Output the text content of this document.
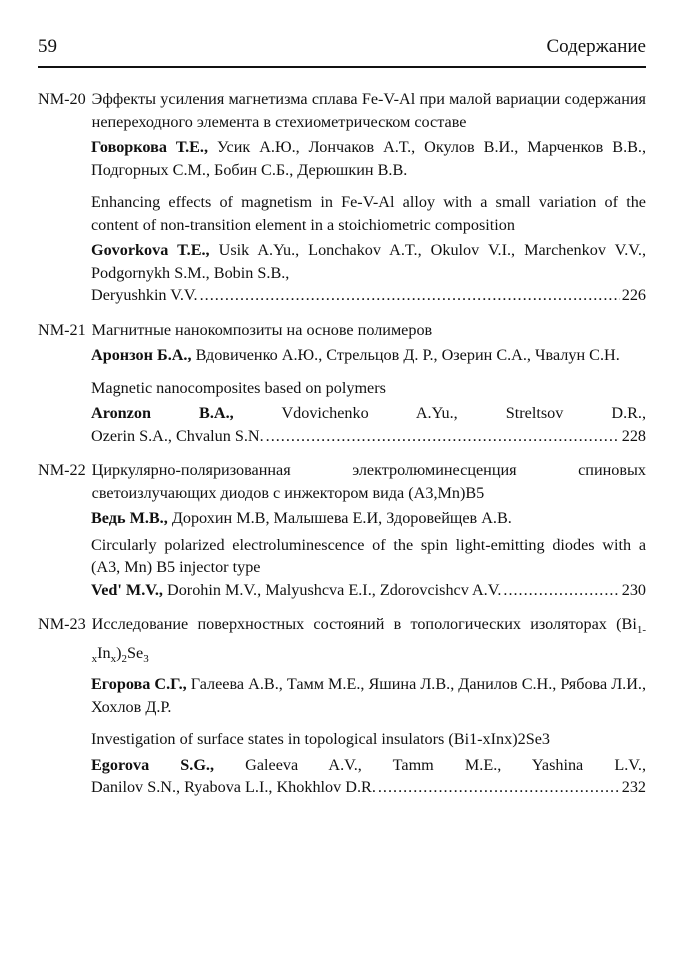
59	Содержание
NM-20 Эффекты усиления магнетизма сплава Fe-V-Al при малой вариации содержания непереходного элемента в стехиометрическом составе

Говоркова Т.Е., Усик А.Ю., Лончаков А.Т., Окулов В.И., Марченков В.В., Подгорных С.М., Бобин С.Б., Дерюшкин В.В.

Enhancing effects of magnetism in Fe-V-Al alloy with a small variation of the content of non-transition element in a stoichiometric composition

Govorkova T.E., Usik A.Yu., Lonchakov A.T., Okulov V.I., Marchenkov V.V., Podgornykh S.M., Bobin S.B.,

Deryushkin V.V. .....	226
NM-21 Магнитные нанокомпозиты на основе полимеров

Аронзон Б.А., Вдовиченко А.Ю., Стрельцов Д. Р., Озерин С.А., Чвалун С.Н.

Magnetic nanocomposites based on polymers

Aronzon B.A., Vdovichenko A.Yu., Streltsov D.R.,

Ozerin S.A., Chvalun S.N. .....	228
NM-22 Циркулярно-поляризованная электролюминесценция спиновых светоизлучающих диодов с инжектором вида (A3,Mn)B5

Ведь М.В., Дорохин М.В, Малышева Е.И, Здоровейщев А.В.

Circularly polarized electroluminescence of the spin light-emitting diodes with a (A3, Mn) B5 injector type
Ved' M.V., Dorohin M.V., Malyushcva E.I., Zdorovcishcv A.V. .....	230
NM-23 Исследование поверхностных состояний в топологических изоляторах $(Bi_{1-x}In_x)_2Se_3$

Егорова С.Г., Галеева А.В., Тамм М.Е., Яшина Л.В., Данилов С.Н., Рябова Л.И., Хохлов Д.Р.

Investigation of surface states in topological insulators (Bi1-xInx)2Se3

Egorova S.G., Galeeva A.V., Tamm M.E., Yashina L.V.,

Danilov S.N., Ryabova L.I., Khokhlov D.R. .....	232
